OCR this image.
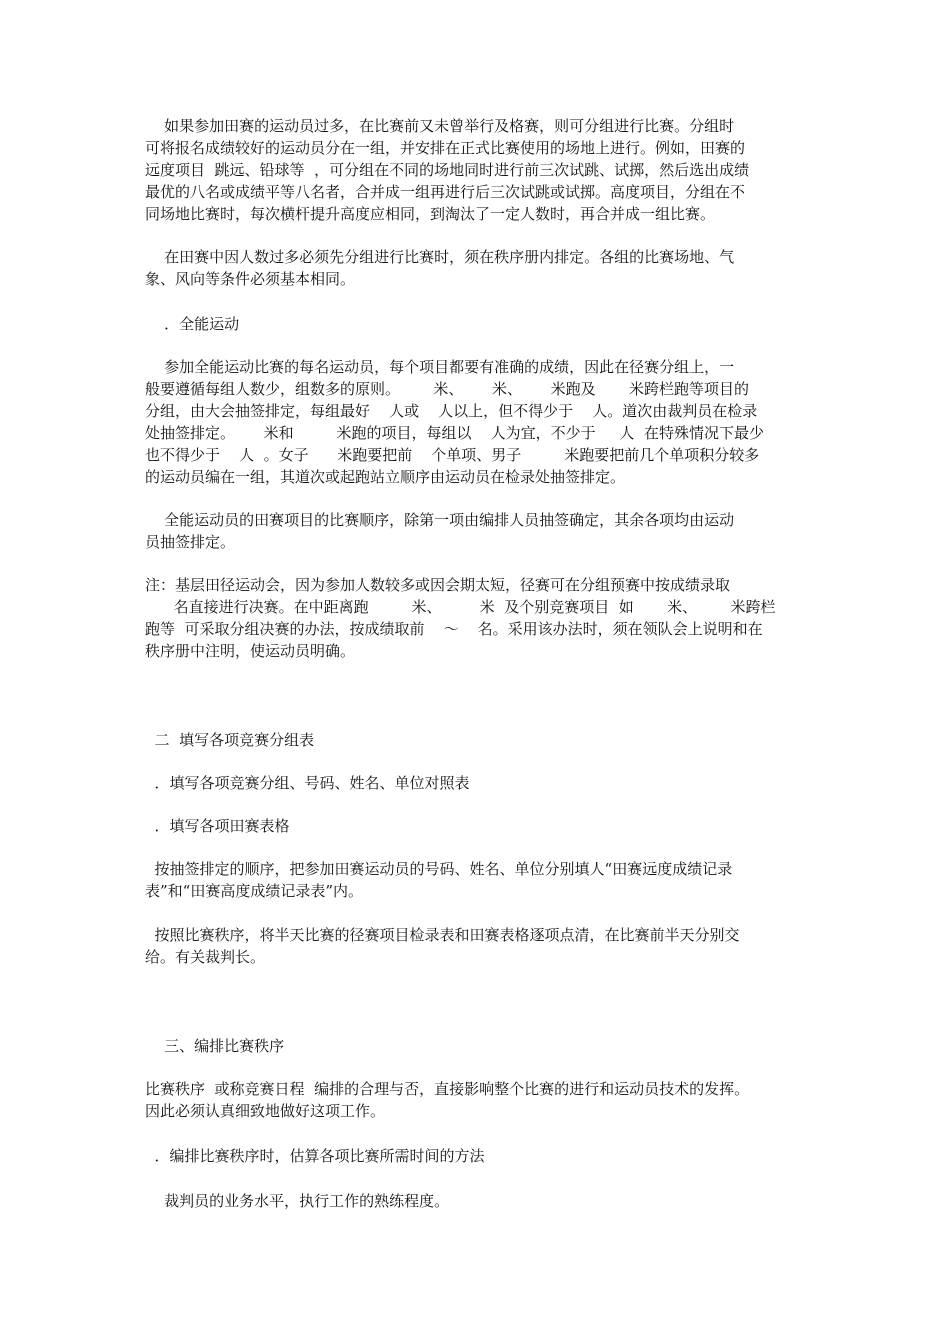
如果参加田赛的运动员过多，在比赛前又未曾举行及格赛，则可分组进行比赛。分组时
可将报名成绩较好的运动员分在一组，并安排在正式比赛使用的场地上进行。例如，田赛的
远度项目  跳远、铅球等  ，可分组在不同的场地同时进行前三次试跳、试掷，然后选出成绩
最优的八名或成绩平等八名者，合并成一组再进行后三次试跳或试掷。高度项目，分组在不
同场地比赛时，每次横杆提升高度应相同，到淘汰了一定人数时，再合并成一组比赛。
在田赛中因人数过多必须先分组进行比赛时，须在秩序册内排定。各组的比赛场地、气
象、风向等条件必须基本相同。
．全能运动
参加全能运动比赛的每名运动员，每个项目都要有准确的成绩，因此在径赛分组上，一
般要遵循每组人数少，组数多的原则。       米、      米、      米跑及       米跨栏跑等项目的
分组，由大会抽签排定，每组最好    人或    人以上，但不得少于    人。道次由裁判员在检录
处抽签排定。      米和         米跑的项目，每组以    人为宜，不少于     人  在特殊情况下最少
也不得少于    人  。女子      米跑要把前    个单项、男子         米跑要把前几个单项积分较多
的运动员编在一组，其道次或起跑站立顺序由运动员在检录处抽签排定。
全能运动员的田赛项目的比赛顺序，除第一项由编排人员抽签确定，其余各项均由运动
员抽签排定。
注：基层田径运动会，因为参加人数较多或因会期太短，径赛可在分组预赛中按成绩录取
名直接进行决赛。在中距离跑         米、        米  及个别竞赛项目  如       米、       米跨栏
跑等  可采取分组决赛的办法，按成绩取前    ～    名。采用该办法时，须在领队会上说明和在
秩序册中注明，使运动员明确。
二  填写各项竞赛分组表
．填写各项竞赛分组、号码、姓名、单位对照表
．填写各项田赛表格
按抽签排定的顺序，把参加田赛运动员的号码、姓名、单位分别填人“田赛远度成绩记录
表”和“田赛高度成绩记录表”内。
按照比赛秩序，将半天比赛的径赛项目检录表和田赛表格逐项点清，在比赛前半天分别交
给。有关裁判长。
三、编排比赛秩序
比赛秩序  或称竞赛日程  编排的合理与否，直接影响整个比赛的进行和运动员技术的发挥。
因此必须认真细致地做好这项工作。
．编排比赛秩序时，估算各项比赛所需时间的方法
裁判员的业务水平，执行工作的熟练程度。
